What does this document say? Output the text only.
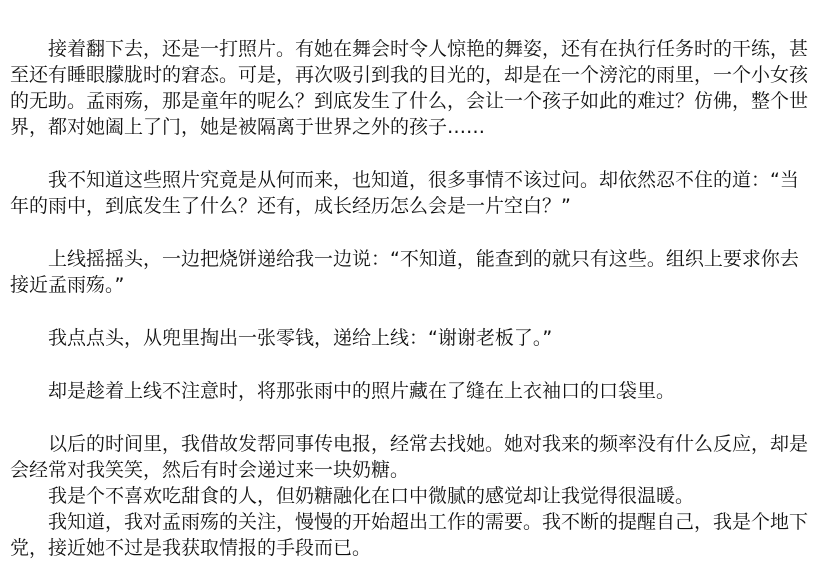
接着翻下去，还是一打照片。有她在舞会时令人惊艳的舞姿，还有在执行任务时的干练，甚至还有睡眼朦胧时的窘态。可是，再次吸引到我的目光的，却是在一个滂沱的雨里，一个小女孩的无助。孟雨殇，那是童年的呢么？到底发生了什么，会让一个孩子如此的难过？仿佛，整个世界，都对她阖上了门，她是被隔离于世界之外的孩子……

我不知道这些照片究竟是从何而来，也知道，很多事情不该过问。却依然忍不住的道：“当年的雨中，到底发生了什么？还有，成长经历怎么会是一片空白？”

上线摇摇头，一边把烧饼递给我一边说：“不知道，能查到的就只有这些。组织上要求你去接近孟雨殇。”

我点点头，从兜里掏出一张零钱，递给上线：“谢谢老板了。”

却是趁着上线不注意时，将那张雨中的照片藏在了缝在上衣袖口的口袋里。

以后的时间里，我借故发帮同事传电报，经常去找她。她对我来的频率没有什么反应，却是会经常对我笑笑，然后有时会递过来一块奶糖。

我是个不喜欢吃甜食的人，但奶糖融化在口中微腻的感觉却让我觉得很温暖。

我知道，我对孟雨殇的关注，慢慢的开始超出工作的需要。我不断的提醒自己，我是个地下党，接近她不过是我获取情报的手段而已。
